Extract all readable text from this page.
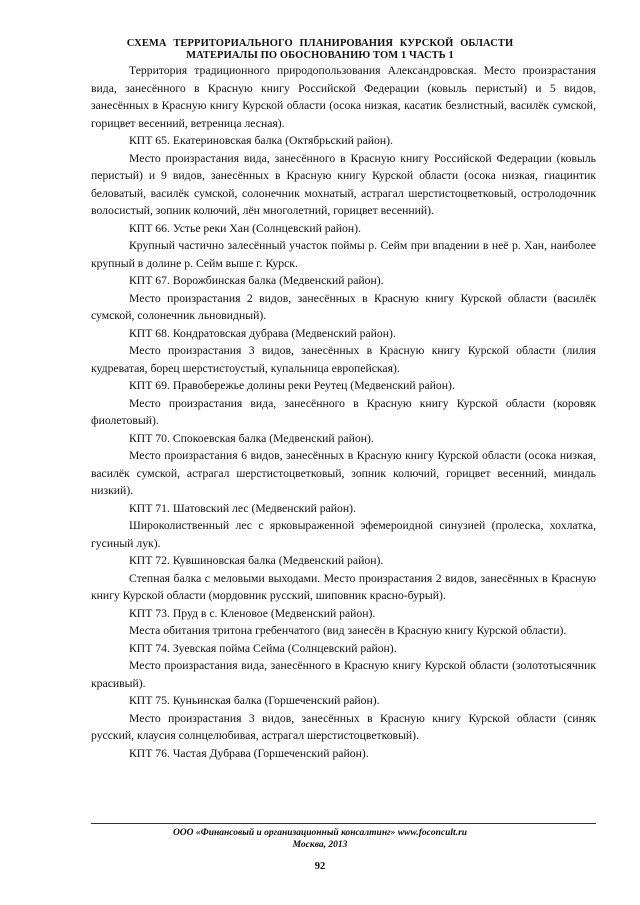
СХЕМА ТЕРРИТОРИАЛЬНОГО ПЛАНИРОВАНИЯ КУРСКОЙ ОБЛАСТИ
МАТЕРИАЛЫ ПО ОБОСНОВАНИЮ ТОМ 1 ЧАСТЬ 1

Территория традиционного природопользования Александровская. Место произрастания вида, занесённого в Красную книгу Российской Федерации (ковыль перистый) и 5 видов, занесённых в Красную книгу Курской области (осока низкая, касатик безлистный, василёк сумской, горицвет весенний, ветреница лесная).

КПТ 65. Екатериновская балка (Октябрьский район).

Место произрастания вида, занесённого в Красную книгу Российской Федерации (ковыль перистый) и 9 видов, занесённых в Красную книгу Курской области (осока низкая, гиацинтик беловатый, василёк сумской, солонечник мохнатый, астрагал шерстистоцветковый, остролодочник волосистый, зопник колючий, лён многолетний, горицвет весенний).

КПТ 66. Устье реки Хан (Солнцевский район).

Крупный частично залесённый участок поймы р. Сейм при впадении в неё р. Хан, наиболее крупный в долине р. Сейм выше г. Курск.

КПТ 67. Ворожбинская балка (Медвенский район).

Место произрастания 2 видов, занесённых в Красную книгу Курской области (василёк сумской, солонечник льновидный).

КПТ 68. Кондратовская дубрава (Медвенский район).

Место произрастания 3 видов, занесённых в Красную книгу Курской области (лилия кудреватая, борец шерстистоустый, купальница европейская).

КПТ 69. Правобережье долины реки Реутец (Медвенский район).

Место произрастания вида, занесённого в Красную книгу Курской области (коровяк фиолетовый).

КПТ 70. Спокоевская балка (Медвенский район).

Место произрастания 6 видов, занесённых в Красную книгу Курской области (осока низкая, василёк сумской, астрагал шерстистоцветковый, зопник колючий, горицвет весенний, миндаль низкий).

КПТ 71. Шатовский лес (Медвенский район).

Широколиственный лес с ярковыраженной эфемероидной синузией (пролеска, хохлатка, гусиный лук).

КПТ 72. Кувшиновская балка (Медвенский район).

Степная балка с меловыми выходами. Место произрастания 2 видов, занесённых в Красную книгу Курской области (мордовник русский, шиповник красно-бурый).

КПТ 73. Пруд в с. Кленовое (Медвенский район).

Места обитания тритона гребенчатого (вид занесён в Красную книгу Курской области).

КПТ 74. Зуевская пойма Сейма (Солнцевский район).

Место произрастания вида, занесённого в Красную книгу Курской области (золототысячник красивый).

КПТ 75. Куньинская балка (Горшеченский район).

Место произрастания 3 видов, занесённых в Красную книгу Курской области (синяк русский, клаусия солнцелюбивая, астрагал шерстистоцветковый).

КПТ 76. Частая Дубрава (Горшеченский район).

ООО «Финансовый и организационный консалтинг» www.foconcult.ru
Москва, 2013
92
